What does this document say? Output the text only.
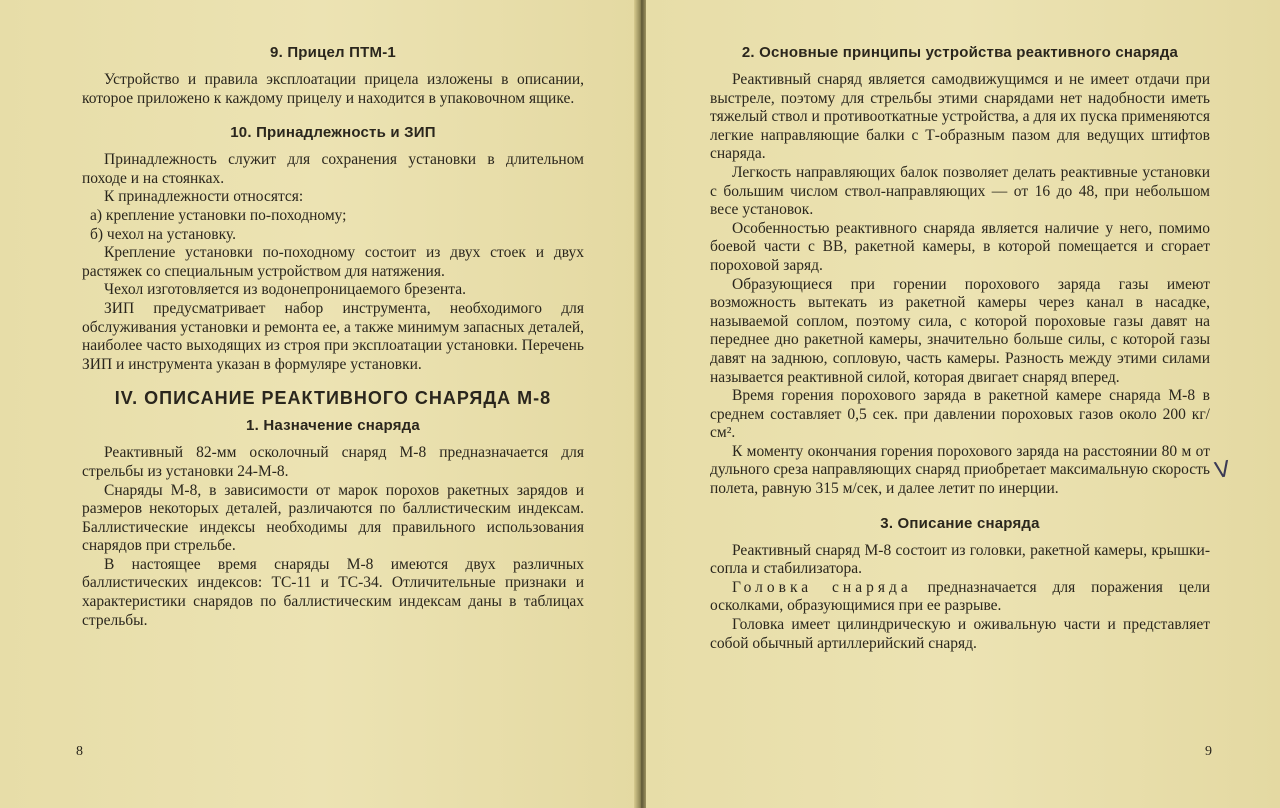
9. Прицел ПТМ-1

Устройство и правила эксплоатации прицела изложены в описании, которое приложено к каждому прицелу и находится в упаковочном ящике.

10. Принадлежность и ЗИП

Принадлежность служит для сохранения установки в длительном походе и на стоянках.

К принадлежности относятся:

а) крепление установки по-походному;

б) чехол на установку.

Крепление установки по-походному состоит из двух стоек и двух растяжек со специальным устройством для натяжения.

Чехол изготовляется из водонепроницаемого брезента.

ЗИП предусматривает набор инструмента, необходимого для обслуживания установки и ремонта ее, а также минимум запасных деталей, наиболее часто выходящих из строя при эксплоатации установки. Перечень ЗИП и инструмента указан в формуляре установки.

IV. ОПИСАНИЕ РЕАКТИВНОГО СНАРЯДА М-8
1. Назначение снаряда

Реактивный 82-мм осколочный снаряд М-8 предназначается для стрельбы из установки 24-М-8.

Снаряды М-8, в зависимости от марок порохов ракетных зарядов и размеров некоторых деталей, различаются по баллистическим индексам. Баллистические индексы необходимы для правильного использования снарядов при стрельбе.

В настоящее время снаряды М-8 имеются двух различных баллистических индексов: ТС-11 и ТС-34. Отличительные признаки и характеристики снарядов по баллистическим индексам даны в таблицах стрельбы.

8
2. Основные принципы устройства реактивного снаряда

Реактивный снаряд является самодвижущимся и не имеет отдачи при выстреле, поэтому для стрельбы этими снарядами нет надобности иметь тяжелый ствол и противооткатные устройства, а для их пуска применяются легкие направляющие балки с Т-образным пазом для ведущих штифтов снаряда.

Легкость направляющих балок позволяет делать реактивные установки с большим числом ствол-направляющих — от 16 до 48, при небольшом весе установок.

Особенностью реактивного снаряда является наличие у него, помимо боевой части с ВВ, ракетной камеры, в которой помещается и сгорает пороховой заряд.

Образующиеся при горении порохового заряда газы имеют возможность вытекать из ракетной камеры через канал в насадке, называемой соплом, поэтому сила, с которой пороховые газы давят на переднее дно ракетной камеры, значительно больше силы, с которой газы давят на заднюю, сопловую, часть камеры. Разность между этими силами называется реактивной силой, которая двигает снаряд вперед.

Время горения порохового заряда в ракетной камере снаряда М-8 в среднем составляет 0,5 сек. при давлении пороховых газов около 200 кг/см².

К моменту окончания горения порохового заряда на расстоянии 80 м от дульного среза направляющих снаряд приобретает максимальную скорость полета, равную 315 м/сек, и далее летит по инерции.

3. Описание снаряда

Реактивный снаряд М-8 состоит из головки, ракетной камеры, крышки-сопла и стабилизатора.

Головка снаряда предназначается для поражения цели осколками, образующимися при ее разрыве.

Головка имеет цилиндрическую и оживальную части и представляет собой обычный артиллерийский снаряд.

9
V
